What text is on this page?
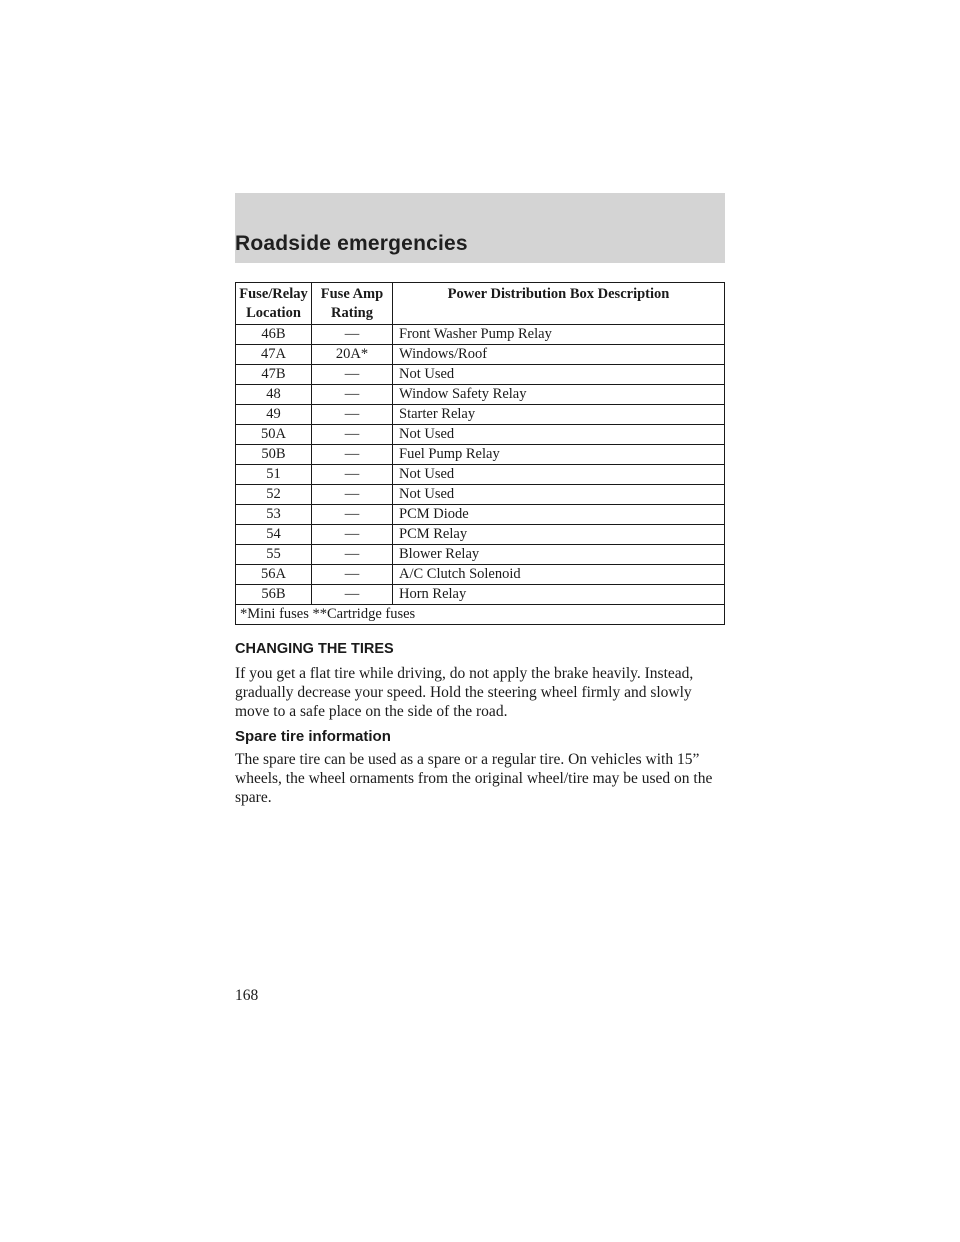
Roadside emergencies
Fuse/Relay Location	Fuse Amp Rating	Power Distribution Box Description
46B	—	Front Washer Pump Relay
47A	20A*	Windows/Roof
47B	—	Not Used
48	—	Window Safety Relay
49	—	Starter Relay
50A	—	Not Used
50B	—	Fuel Pump Relay
51	—	Not Used
52	—	Not Used
53	—	PCM Diode
54	—	PCM Relay
55	—	Blower Relay
56A	—	A/C Clutch Solenoid
56B	—	Horn Relay
*Mini fuses **Cartridge fuses		
CHANGING THE TIRES

If you get a flat tire while driving, do not apply the brake heavily. Instead, gradually decrease your speed. Hold the steering wheel firmly and slowly move to a safe place on the side of the road.

Spare tire information

The spare tire can be used as a spare or a regular tire. On vehicles with 15” wheels, the wheel ornaments from the original wheel/tire may be used on the spare.

168
